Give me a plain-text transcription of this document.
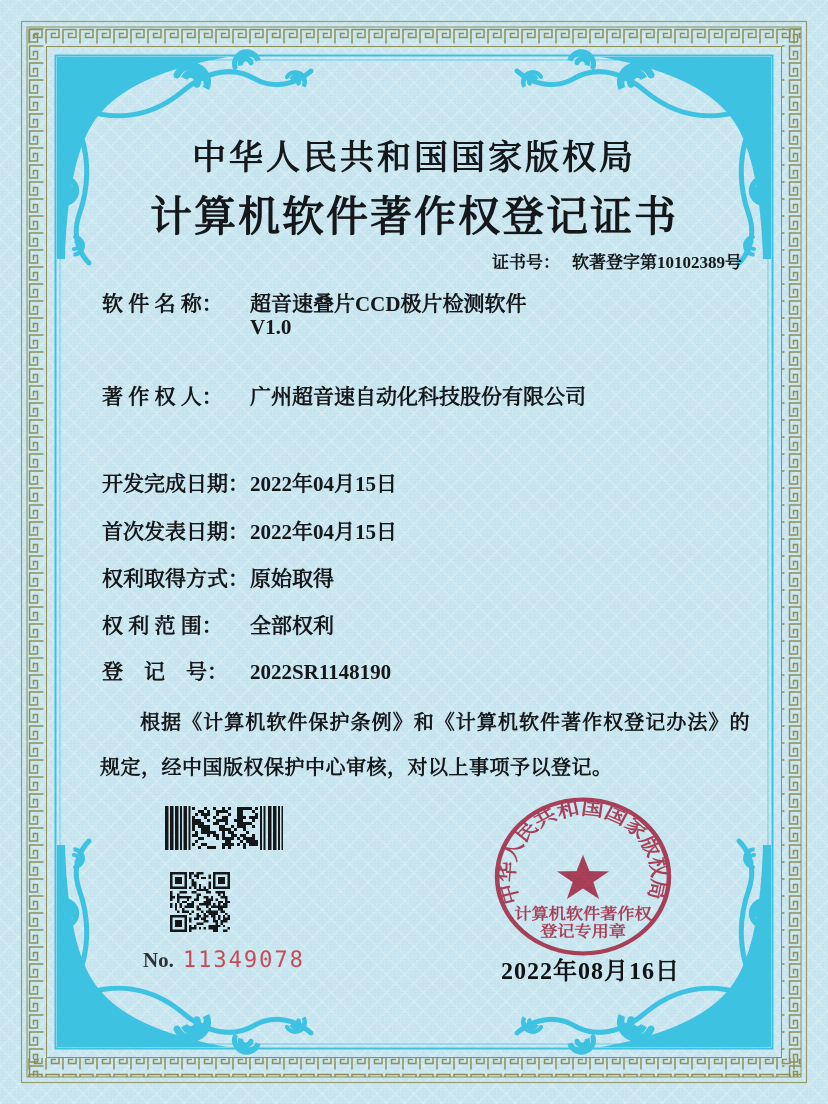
中华人民共和国国家版权局
计算机软件著作权登记证书
证书号： 软著登字第10102389号
软 件 名 称： 超音速叠片CCD极片检测软件
V1.0
著 作 权 人： 广州超音速自动化科技股份有限公司
开发完成日期：2022年04月15日
首次发表日期：2022年04月15日
权利取得方式：原始取得
权 利 范 围： 全部权利
登　记　号： 2022SR1148190
根据《计算机软件保护条例》和《计算机软件著作权登记办法》的规定，经中国版权保护中心审核，对以上事项予以登记。
No. 11349078
中华人民共和国国家版权局
计算机软件著作权
登记专用章
2022年08月16日
